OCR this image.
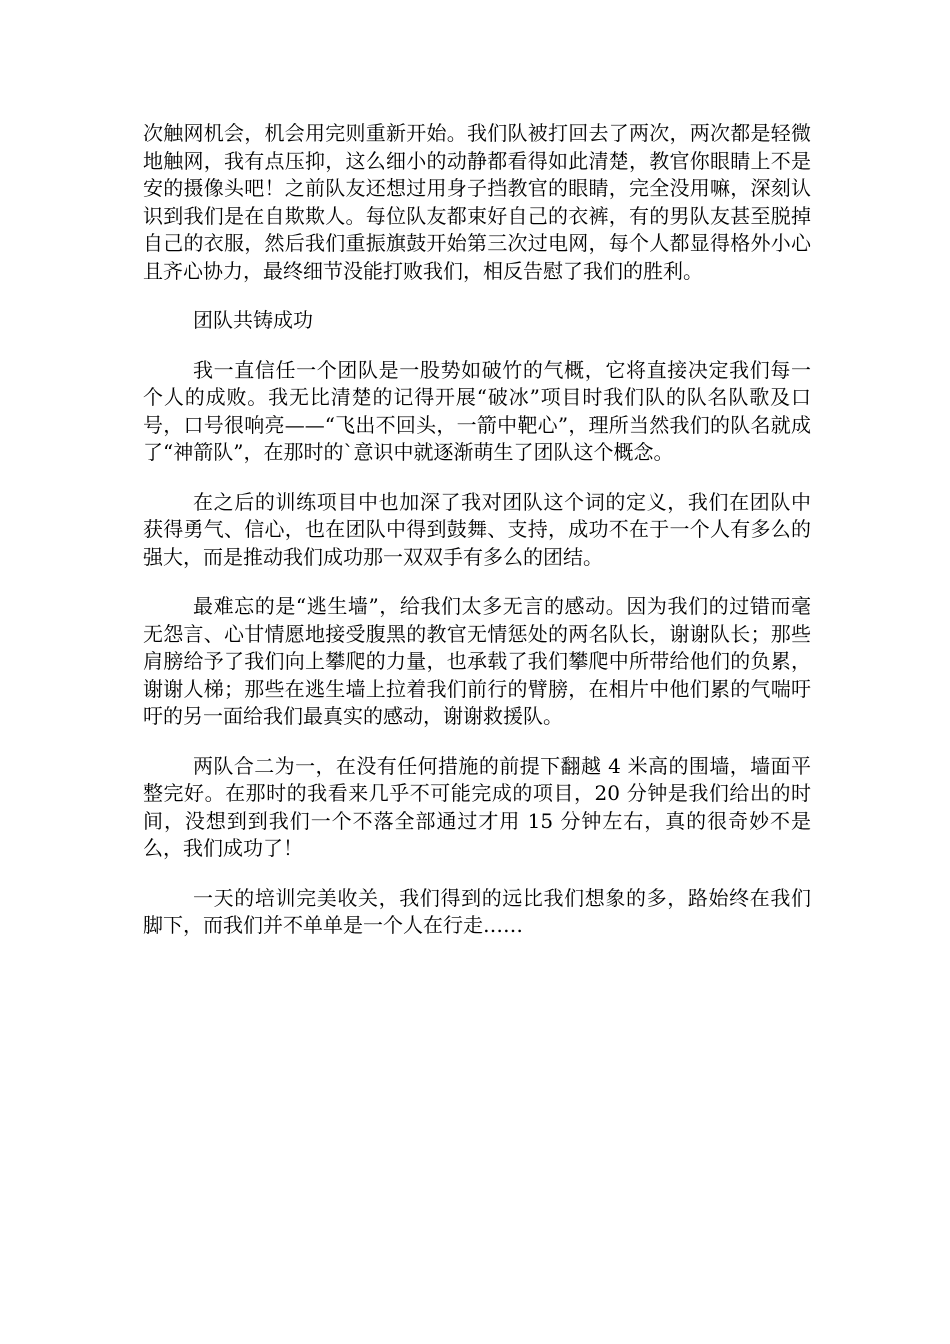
次触网机会，机会用完则重新开始。我们队被打回去了两次，两次都是轻微地触网，我有点压抑，这么细小的动静都看得如此清楚，教官你眼睛上不是安的摄像头吧！之前队友还想过用身子挡教官的眼睛，完全没用嘛，深刻认识到我们是在自欺欺人。每位队友都束好自己的衣裤，有的男队友甚至脱掉自己的衣服，然后我们重振旗鼓开始第三次过电网，每个人都显得格外小心且齐心协力，最终细节没能打败我们，相反告慰了我们的胜利。

团队共铸成功

我一直信任一个团队是一股势如破竹的气概，它将直接决定我们每一个人的成败。我无比清楚的记得开展“破冰”项目时我们队的队名队歌及口号，口号很响亮——“飞出不回头，一箭中靶心”，理所当然我们的队名就成了“神箭队”，在那时的`意识中就逐渐萌生了团队这个概念。

在之后的训练项目中也加深了我对团队这个词的定义，我们在团队中获得勇气、信心，也在团队中得到鼓舞、支持，成功不在于一个人有多么的强大，而是推动我们成功那一双双手有多么的团结。

最难忘的是“逃生墙”，给我们太多无言的感动。因为我们的过错而毫无怨言、心甘情愿地接受腹黑的教官无情惩处的两名队长，谢谢队长；那些肩膀给予了我们向上攀爬的力量，也承载了我们攀爬中所带给他们的负累，谢谢人梯；那些在逃生墙上拉着我们前行的臂膀，在相片中他们累的气喘吁吁的另一面给我们最真实的感动，谢谢救援队。

两队合二为一，在没有任何措施的前提下翻越 4 米高的围墙，墙面平整完好。在那时的我看来几乎不可能完成的项目，20 分钟是我们给出的时间，没想到到我们一个不落全部通过才用 15 分钟左右，真的很奇妙不是么，我们成功了！

一天的培训完美收关，我们得到的远比我们想象的多，路始终在我们脚下，而我们并不单单是一个人在行走……
